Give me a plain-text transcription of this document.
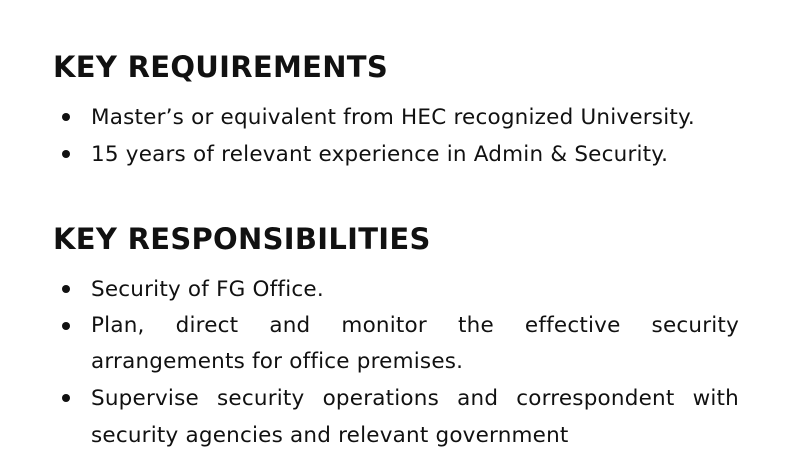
KEY REQUIREMENTS
Master’s or equivalent from HEC recognized University.
15 years of relevant experience in Admin & Security.
KEY RESPONSIBILITIES
Security of FG Office.
Plan, direct and monitor the effective security arrangements for office premises.
Supervise security operations and correspondent with security agencies and relevant government
